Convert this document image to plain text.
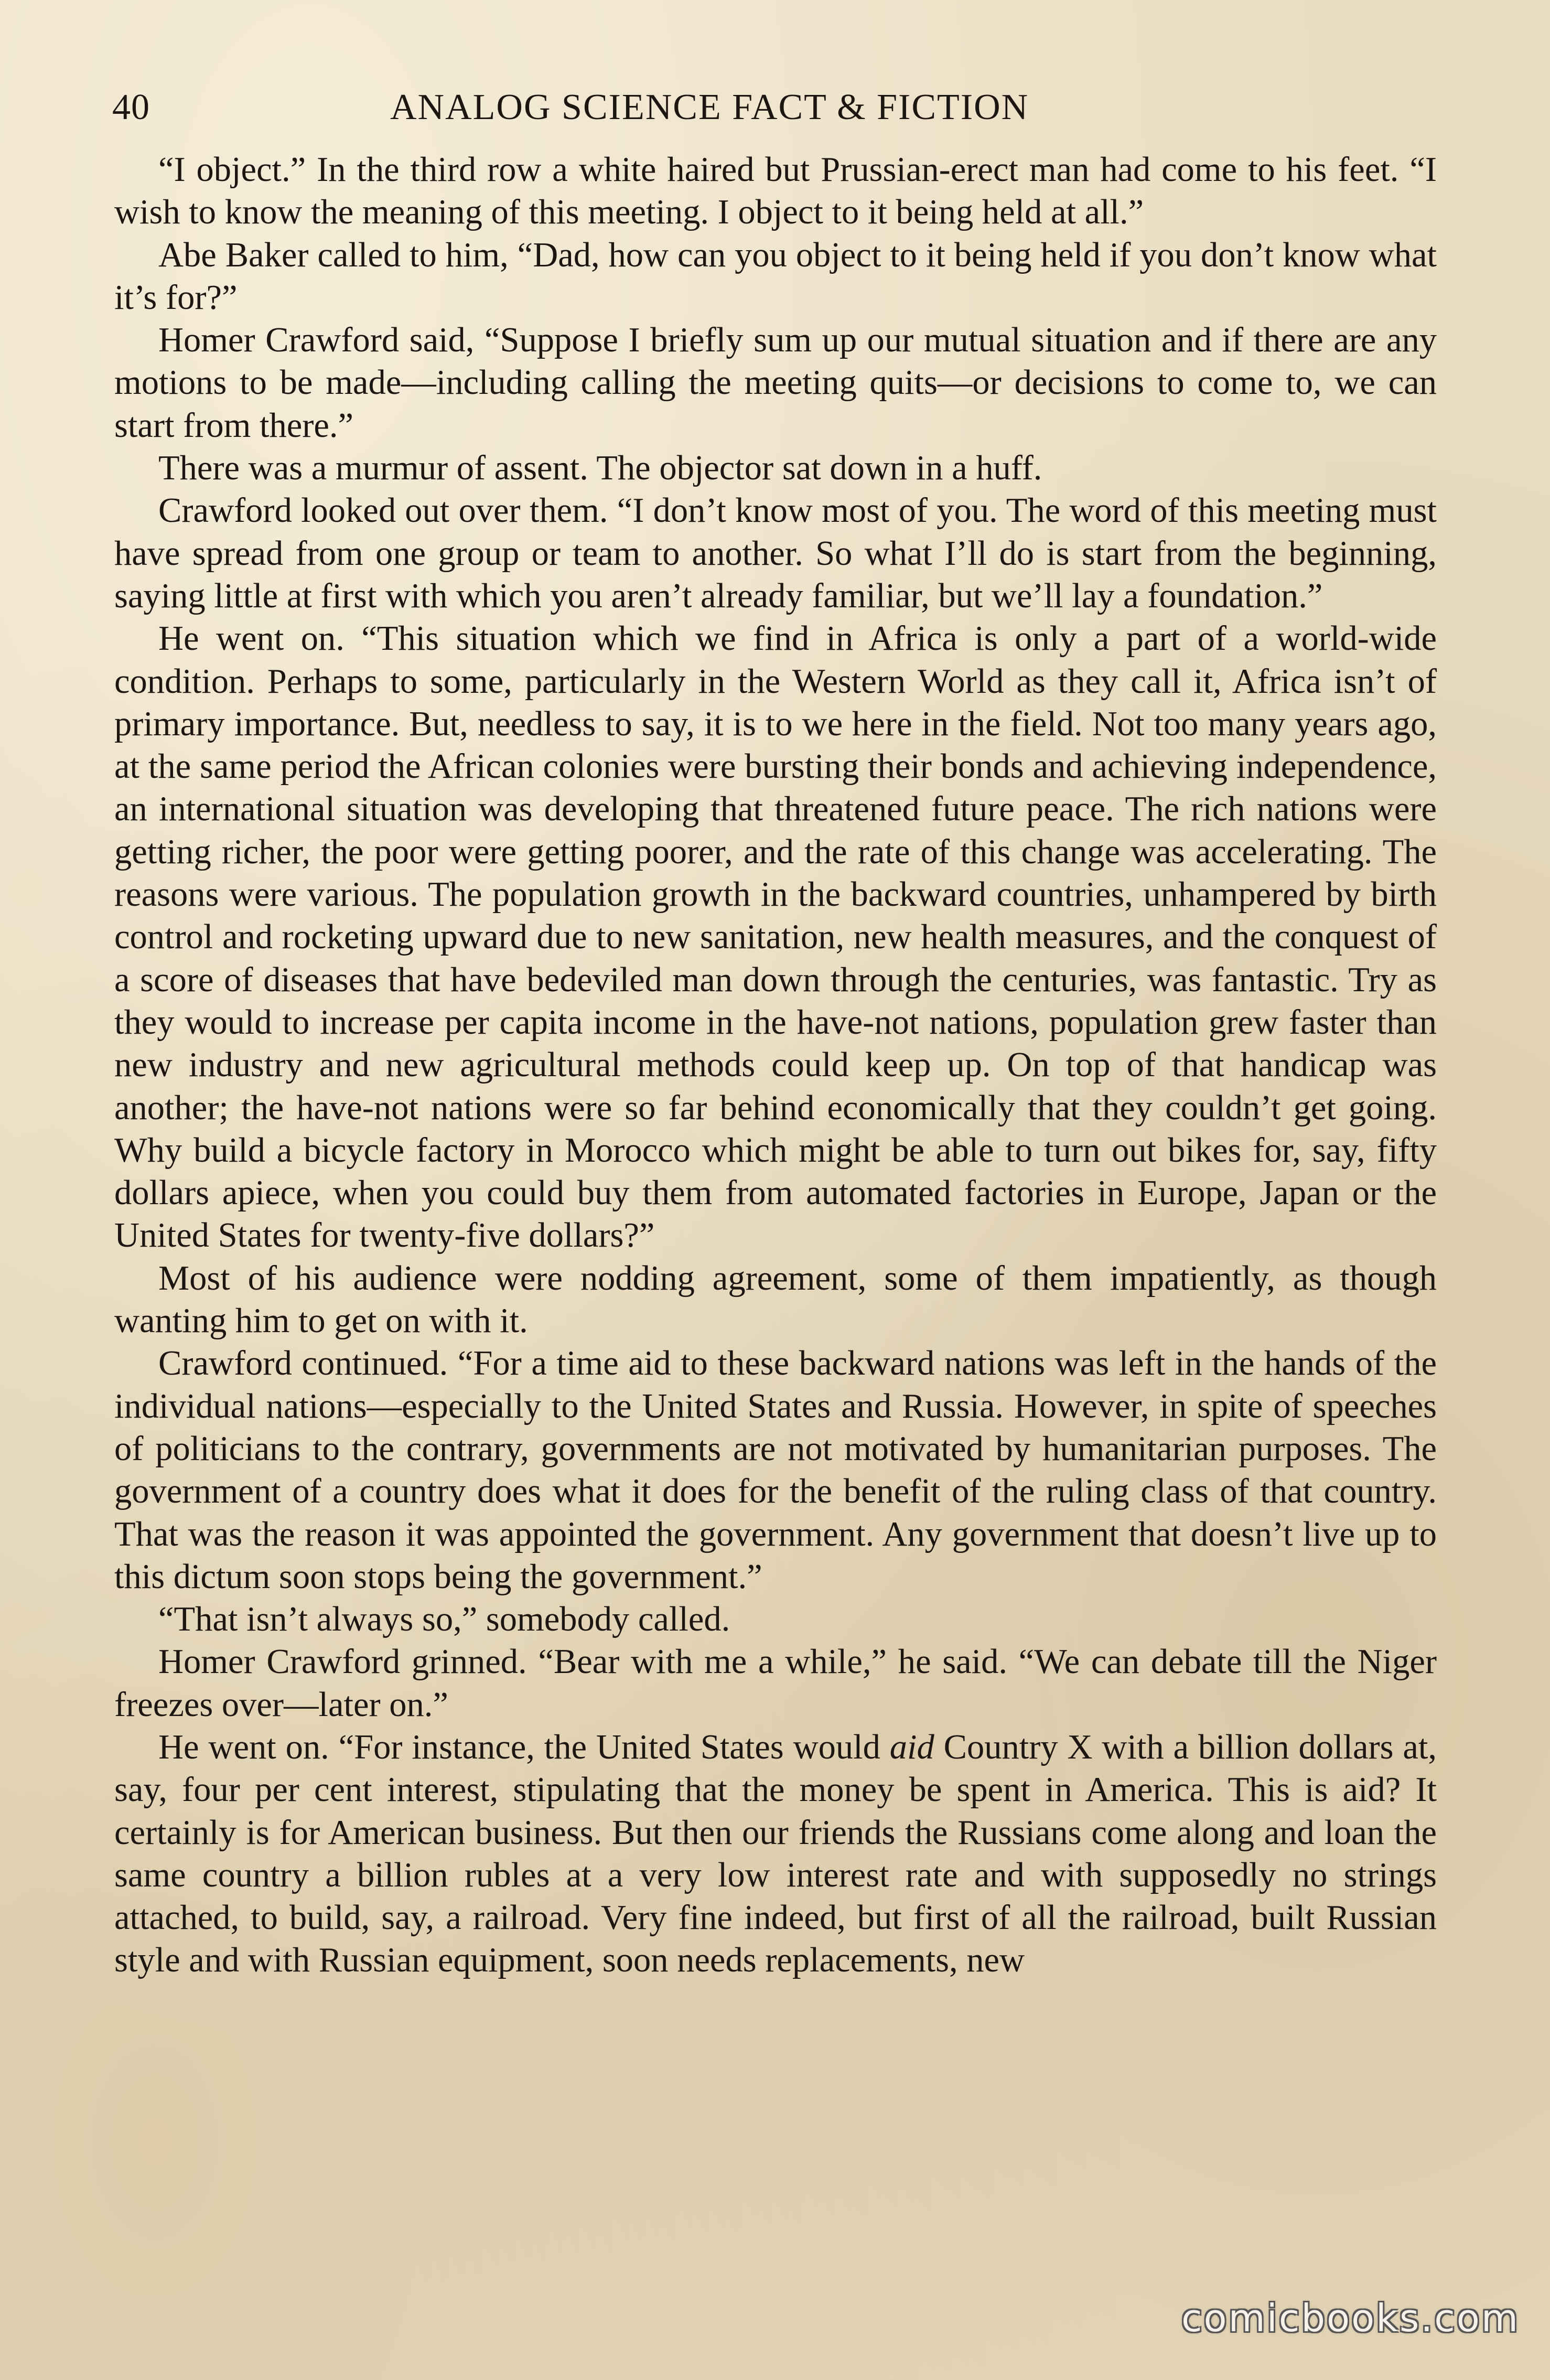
40	ANALOG SCIENCE FACT & FICTION

“I object.” In the third row a white haired but Prussian-erect man had come to his feet. “I wish to know the meaning of this meeting. I object to it being held at all.”

Abe Baker called to him, “Dad, how can you object to it being held if you don’t know what it’s for?”

Homer Crawford said, “Suppose I briefly sum up our mutual situation and if there are any motions to be made—including calling the meeting quits—or decisions to come to, we can start from there.”

There was a murmur of assent. The objector sat down in a huff.

Crawford looked out over them. “I don’t know most of you. The word of this meeting must have spread from one group or team to another. So what I’ll do is start from the beginning, saying little at first with which you aren’t already familiar, but we’ll lay a foundation.”

He went on. “This situation which we find in Africa is only a part of a world-wide condition. Perhaps to some, particularly in the Western World as they call it, Africa isn’t of primary importance. But, needless to say, it is to we here in the field. Not too many years ago, at the same period the African colonies were bursting their bonds and achieving independence, an international situation was developing that threatened future peace. The rich nations were getting richer, the poor were getting poorer, and the rate of this change was accelerating. The reasons were various. The population growth in the backward countries, unhampered by birth control and rocketing upward due to new sanitation, new health measures, and the conquest of a score of diseases that have bedeviled man down through the centuries, was fantastic. Try as they would to increase per capita income in the have-not nations, population grew faster than new industry and new agricultural methods could keep up. On top of that handicap was another; the have-not nations were so far behind economically that they couldn’t get going. Why build a bicycle factory in Morocco which might be able to turn out bikes for, say, fifty dollars apiece, when you could buy them from automated factories in Europe, Japan or the United States for twenty-five dollars?”

Most of his audience were nodding agreement, some of them impatiently, as though wanting him to get on with it.

Crawford continued. “For a time aid to these backward nations was left in the hands of the individual nations—especially to the United States and Russia. However, in spite of speeches of politicians to the contrary, governments are not motivated by humanitarian purposes. The government of a country does what it does for the benefit of the ruling class of that country. That was the reason it was appointed the government. Any government that doesn’t live up to this dictum soon stops being the government.”

“That isn’t always so,” somebody called.

Homer Crawford grinned. “Bear with me a while,” he said. “We can debate till the Niger freezes over—later on.”

He went on. “For instance, the United States would aid Country X with a billion dollars at, say, four per cent interest, stipulating that the money be spent in America. This is aid? It certainly is for American business. But then our friends the Russians come along and loan the same country a billion rubles at a very low interest rate and with supposedly no strings attached, to build, say, a railroad. Very fine indeed, but first of all the railroad, built Russian style and with Russian equipment, soon needs replacements, new

comicbooks.com
